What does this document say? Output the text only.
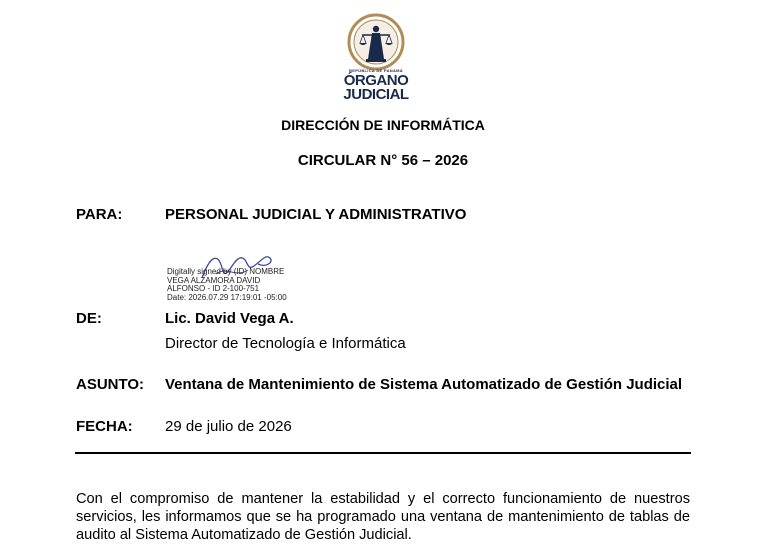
REPÚBLICA DE PANAMÁ
ÓRGANO
JUDICIAL
DIRECCIÓN DE INFORMÁTICA
CIRCULAR N° 56 – 2026
PARA:	PERSONAL JUDICIAL Y ADMINISTRATIVO
Digitally signed by (ID) NOMBRE
VEGA ALZAMORA DAVID
ALFONSO - ID 2-100-751
Date: 2026.07.29 17:19:01 -05:00
DE:	Lic. David Vega A.
Director de Tecnología e Informática
ASUNTO: Ventana de Mantenimiento de Sistema Automatizado de Gestión Judicial
FECHA: 29 de julio de 2026
Con el compromiso de mantener la estabilidad y el correcto funcionamiento de nuestros servicios, les informamos que se ha programado una ventana de mantenimiento de tablas de audito al Sistema Automatizado de Gestión Judicial.
